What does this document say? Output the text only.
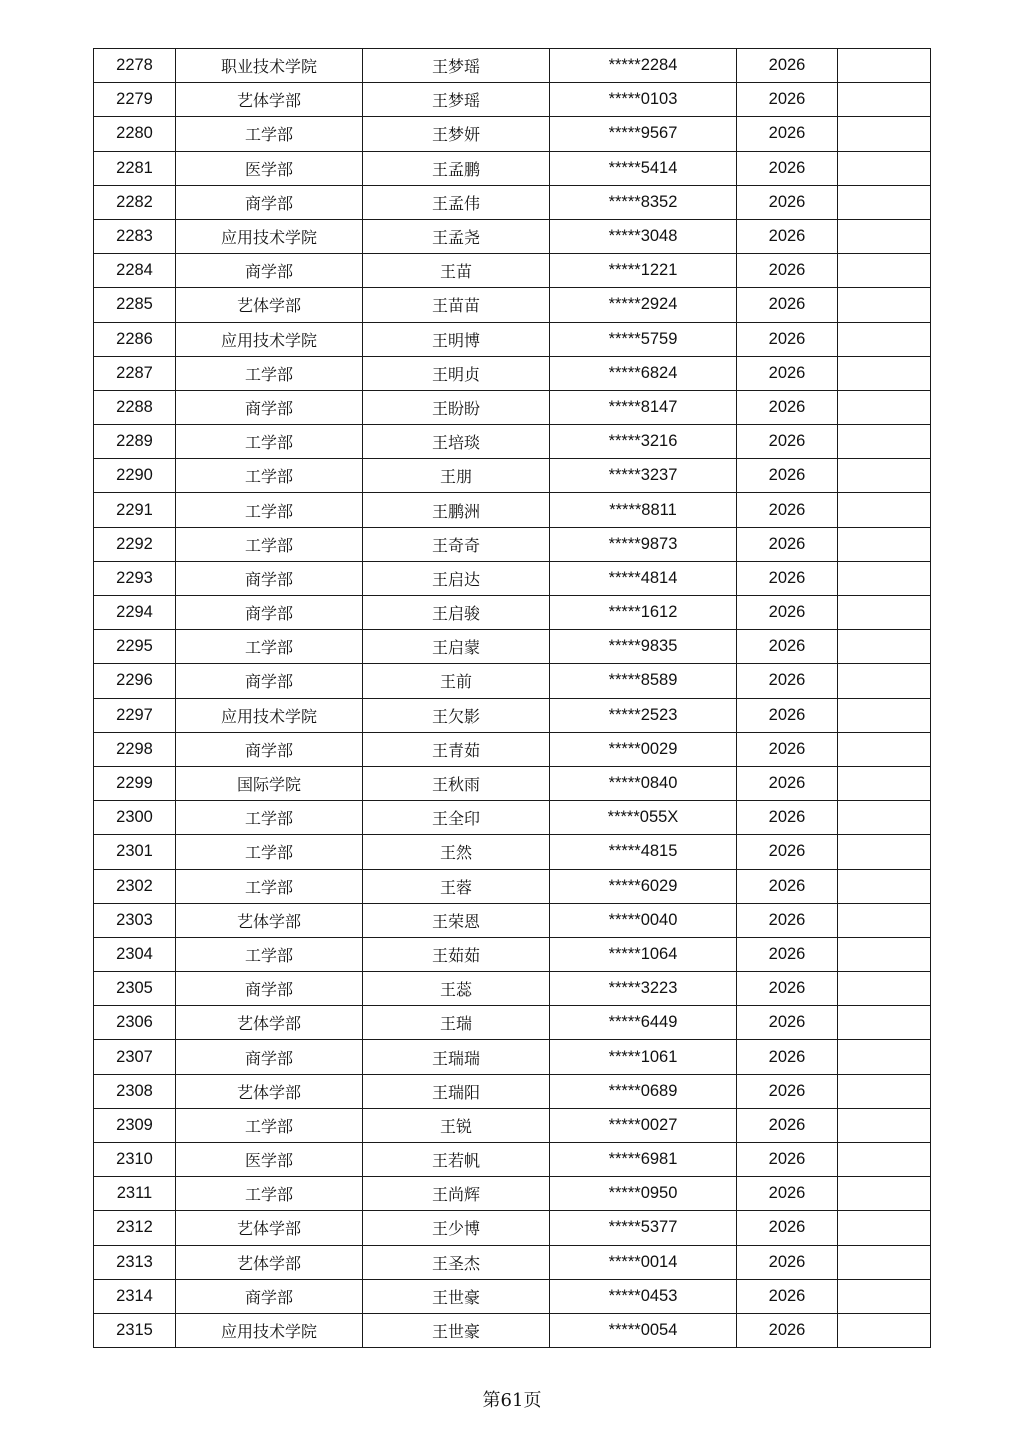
2278	职业技术学院	王梦瑶	*****2284	2026	
2279	艺体学部	王梦瑶	*****0103	2026	
2280	工学部	王梦妍	*****9567	2026	
2281	医学部	王孟鹏	*****5414	2026	
2282	商学部	王孟伟	*****8352	2026	
2283	应用技术学院	王孟尧	*****3048	2026	
2284	商学部	王苗	*****1221	2026	
2285	艺体学部	王苗苗	*****2924	2026	
2286	应用技术学院	王明博	*****5759	2026	
2287	工学部	王明贞	*****6824	2026	
2288	商学部	王盼盼	*****8147	2026	
2289	工学部	王培琰	*****3216	2026	
2290	工学部	王朋	*****3237	2026	
2291	工学部	王鹏洲	*****8811	2026	
2292	工学部	王奇奇	*****9873	2026	
2293	商学部	王启达	*****4814	2026	
2294	商学部	王启骏	*****1612	2026	
2295	工学部	王启蒙	*****9835	2026	
2296	商学部	王前	*****8589	2026	
2297	应用技术学院	王欠影	*****2523	2026	
2298	商学部	王青茹	*****0029	2026	
2299	国际学院	王秋雨	*****0840	2026	
2300	工学部	王全印	*****055X	2026	
2301	工学部	王然	*****4815	2026	
2302	工学部	王蓉	*****6029	2026	
2303	艺体学部	王荣恩	*****0040	2026	
2304	工学部	王茹茹	*****1064	2026	
2305	商学部	王蕊	*****3223	2026	
2306	艺体学部	王瑞	*****6449	2026	
2307	商学部	王瑞瑞	*****1061	2026	
2308	艺体学部	王瑞阳	*****0689	2026	
2309	工学部	王锐	*****0027	2026	
2310	医学部	王若帆	*****6981	2026	
2311	工学部	王尚辉	*****0950	2026	
2312	艺体学部	王少博	*****5377	2026	
2313	艺体学部	王圣杰	*****0014	2026	
2314	商学部	王世豪	*****0453	2026	
2315	应用技术学院	王世豪	*****0054	2026	
第61页
